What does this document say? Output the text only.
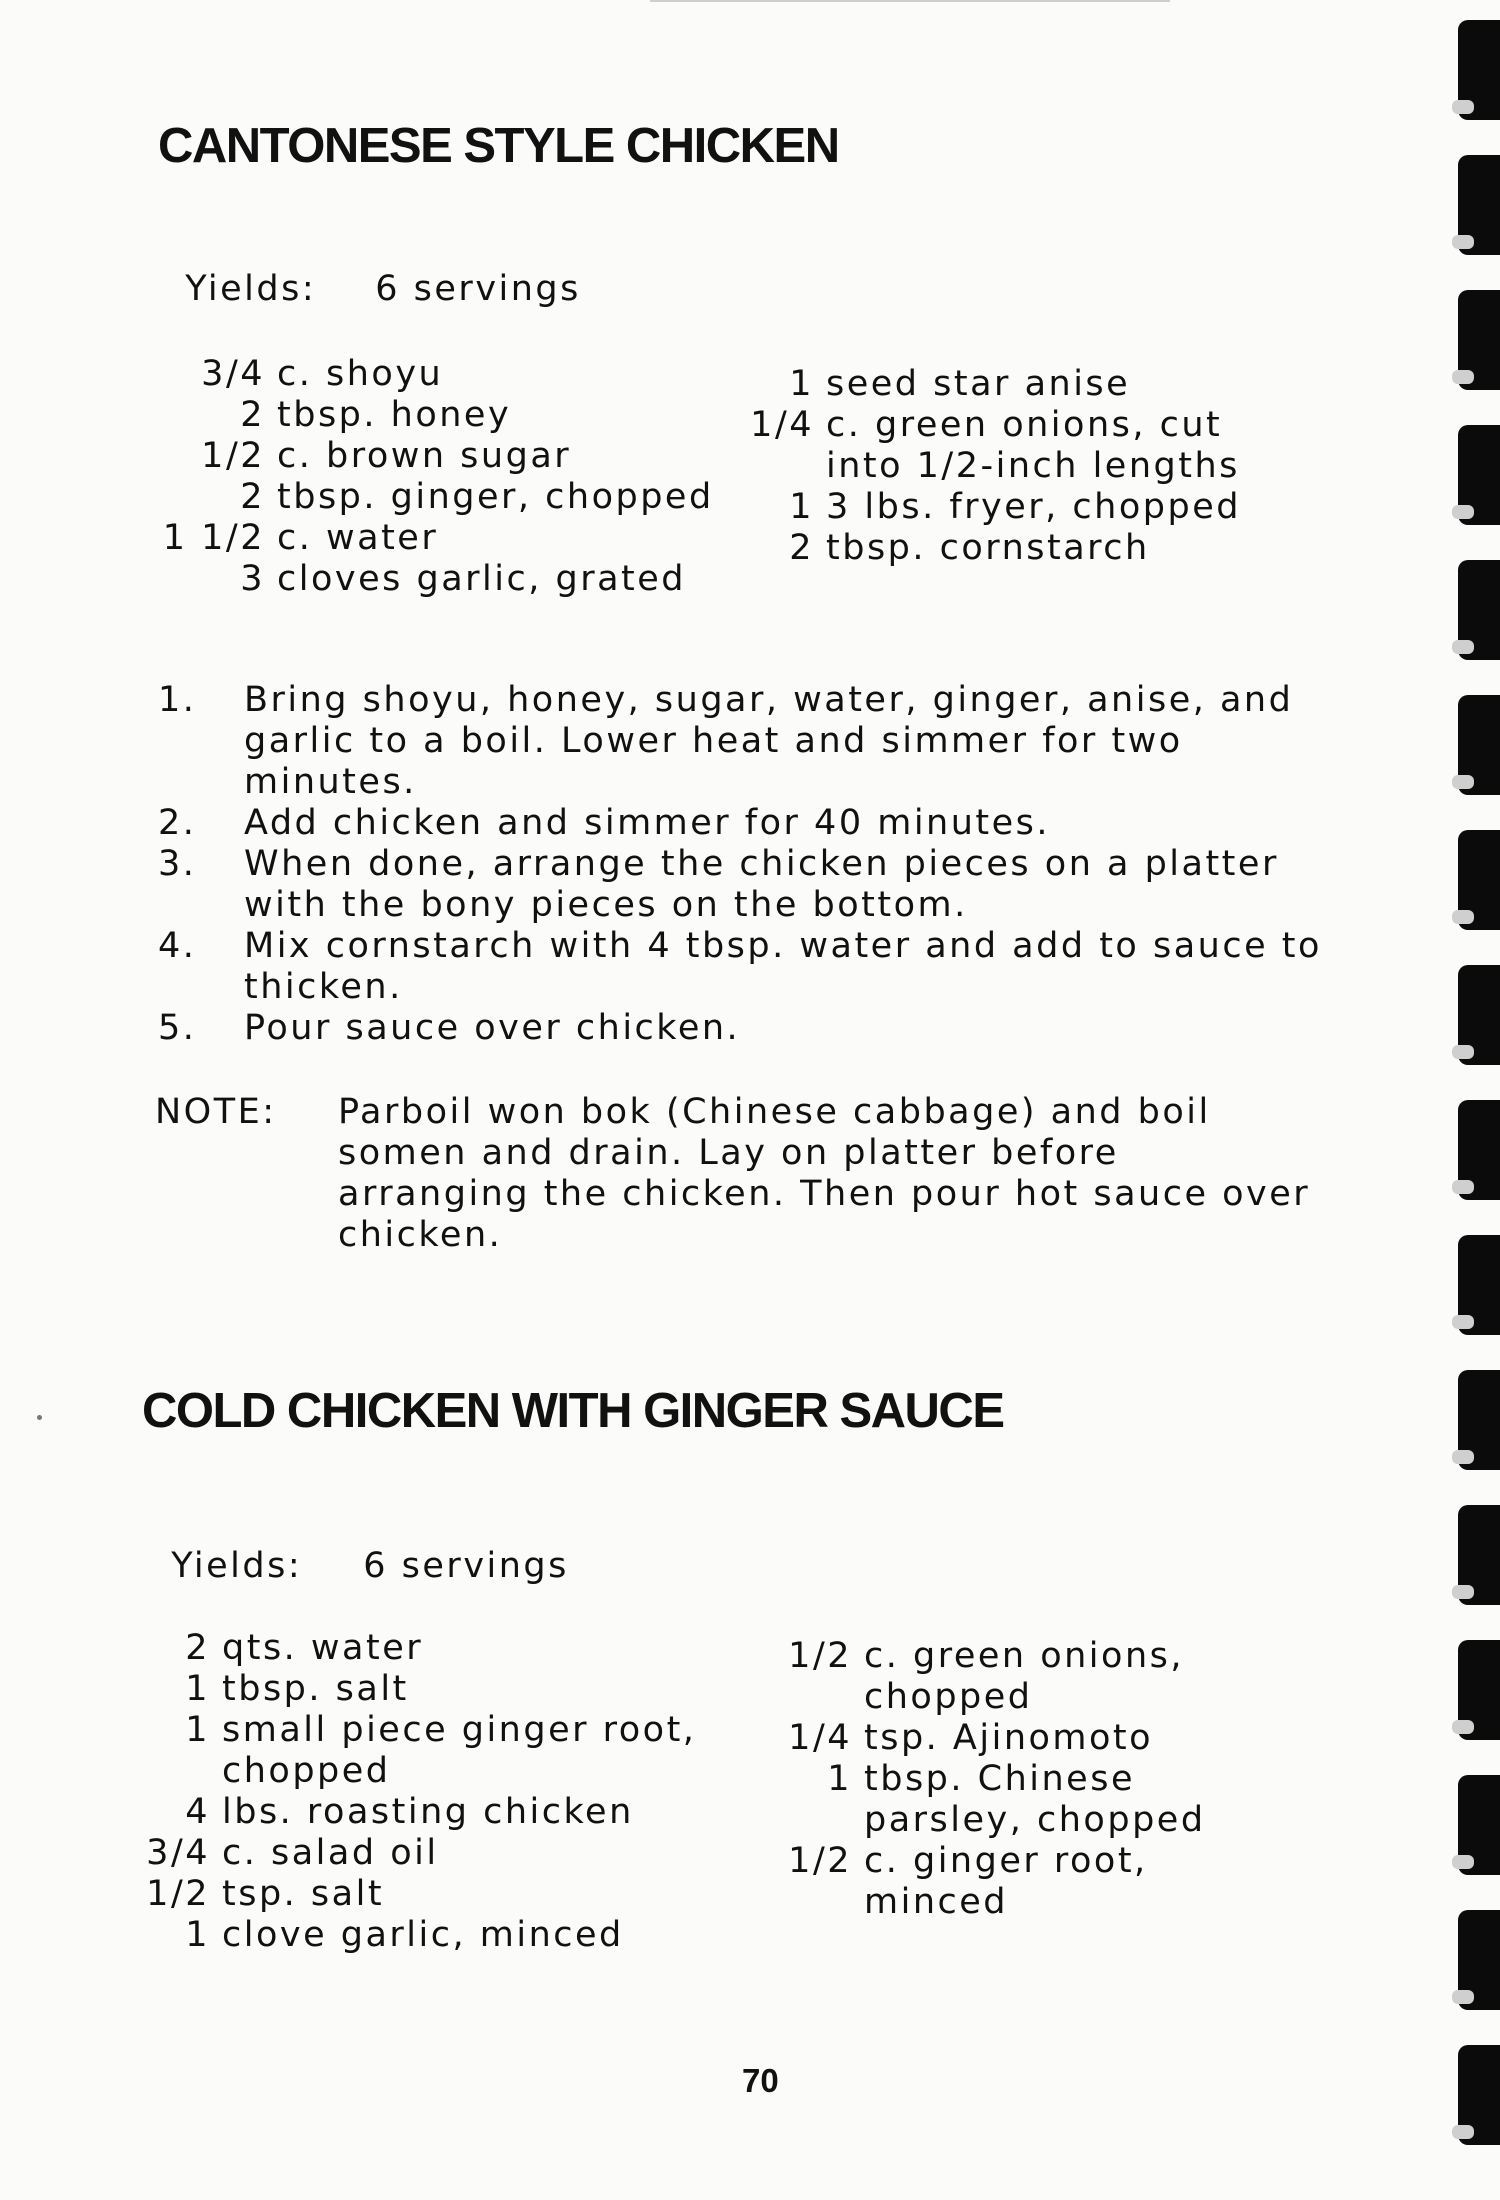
CANTONESE STYLE CHICKEN

Yields: 6 servings

3/4 c. shoyu
2 tbsp. honey
1/2 c. brown sugar
2 tbsp. ginger, chopped
1 1/2 c. water
3 cloves garlic, grated
1 seed star anise
1/4 c. green onions, cut
into 1/2-inch lengths
1 3 lbs. fryer, chopped
2 tbsp. cornstarch
1.	Bring shoyu, honey, sugar, water, ginger, anise, and garlic to a boil. Lower heat and simmer for two minutes.
2.	Add chicken and simmer for 40 minutes.
3.	When done, arrange the chicken pieces on a platter with the bony pieces on the bottom.
4.	Mix cornstarch with 4 tbsp. water and add to sauce to thicken.
5.	Pour sauce over chicken.
NOTE:	Parboil won bok (Chinese cabbage) and boil somen and drain. Lay on platter before arranging the chicken. Then pour hot sauce over chicken.
COLD CHICKEN WITH GINGER SAUCE

Yields: 6 servings

2 qts. water
1 tbsp. salt
1 small piece ginger root,
chopped
4 lbs. roasting chicken
3/4 c. salad oil
1/2 tsp. salt
1 clove garlic, minced
1/2 c. green onions,
chopped
1/4 tsp. Ajinomoto
1 tbsp. Chinese
parsley, chopped
1/2 c. ginger root,
minced
70
